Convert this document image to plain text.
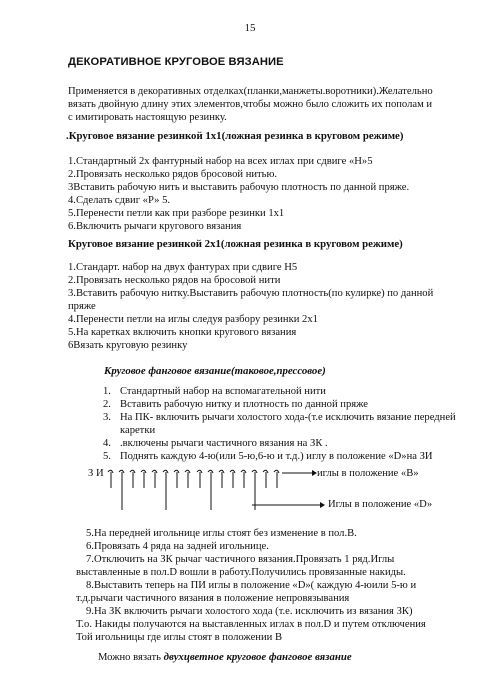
15
ДЕКОРАТИВНОЕ КРУГОВОЕ ВЯЗАНИЕ
Применяется в декоративных отделках(планки,манжеты.воротники).Желательно
вязать двойную длину этих элементов,чтобы можно было сложить их пополам и
с имитировать настоящую резинку.
.Круговое вязание резинкой 1х1(ложная резинка в круговом режиме)
1.Стандартный 2х фантурный набор на всех иглах при сдвиге «Н»5
2.Провязать несколько рядов бросовой нитью.
3Вставить рабочую нить и выставить рабочую плотность по данной пряже.
4.Сделать сдвиг «Р» 5.
5.Перенести петли как при разборе резинки 1х1
6.Включить рычаги кругового вязания
Круговое вязание резинкой 2х1(ложная резинка в круговом режиме)
1.Стандарт. набор на двух фантурах при сдвиге Н5
2.Провязать несколько рядов на бросовой нити
3.Вставить рабочую нитку.Выставить рабочую плотность(по кулирке) по данной
пряже
4.Перенести петли на иглы следуя разбору резинки 2х1
5.На каретках включить кнопки кругового вязания
6Вязать круговую резинку
Круговое фанговое вязание(таковое,прессовое)
1. Стандартный набор на вспомагательной нити
2. Вставить рабочую нитку и плотность по данной пряже
3. На ПК- включить рычаги холостого хода-(т.е исключить вязание передней
каретки
4. .включены рычаги частичного вязания на ЗК .
5. Поднять каждую 4-ю(или 5-ю,6-ю и т.д.) иглу в положение «D»на ЗИ
З И	иглы в положение «В»
Иглы в положение «D»
5.На передней игольнице иглы стоят без изменение в пол.В.
6.Провязать 4 ряда на задней игольнице.
7.Отключить на ЗК рычаг частичного вязания.Провязать 1 ряд.Иглы
выставленные в пол.D вошли в работу.Получились провязанные накиды.
8.Выставить теперь на ПИ иглы в положение «D»( каждую 4-юили 5-ю и
т.д.рычаги частичного вязания в положение непровязывания
9.На ЗК включить рычаги холостого хода (т.е. исключить из вязания ЗК)
Т.о. Накиды получаются на выставленных иглах в пол.D и путем отключения
Той игольницы где иглы стоят в положении В
Можно вязать двухцветное круговое фанговое вязание
